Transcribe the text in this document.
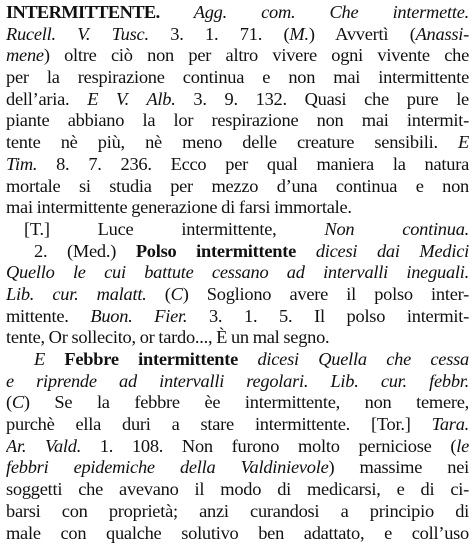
INTERMITTENTE. Agg. com. Che intermette.
Rucell. V. Tusc. 3. 1. 71. (M.) Avvertì (Anassi-
mene) oltre ciò non per altro vivere ogni vivente che
per la respirazione continua e non mai intermittente
dell’aria. E V. Alb. 3. 9. 132. Quasi che pure le
piante abbiano la lor respirazione non mai intermit-
tente nè più, nè meno delle creature sensibili. E
Tim. 8. 7. 236. Ecco per qual maniera la natura
mortale si studia per mezzo d’una continua e non
mai intermittente generazione di farsi immortale.
[T.] Luce intermittente, Non continua.
2. (Med.) Polso intermittente dicesi dai Medici
Quello le cui battute cessano ad intervalli ineguali.
Lib. cur. malatt. (C) Sogliono avere il polso inter-
mittente. Buon. Fier. 3. 1. 5. Il polso intermit-
tente, Or sollecito, or tardo..., È un mal segno.
E Febbre intermittente dicesi Quella che cessa
e riprende ad intervalli regolari. Lib. cur. febbr.
(C) Se la febbre èe intermittente, non temere,
purchè ella duri a stare intermittente. [Tor.] Tara.
Ar. Vald. 1. 108. Non furono molto perniciose (le
febbri epidemiche della Valdinievole) massime nei
soggetti che avevano il modo di medicarsi, e di ci-
barsi con proprietà; anzi curandosi a principio di
male con qualche solutivo ben adattato, e coll’uso
